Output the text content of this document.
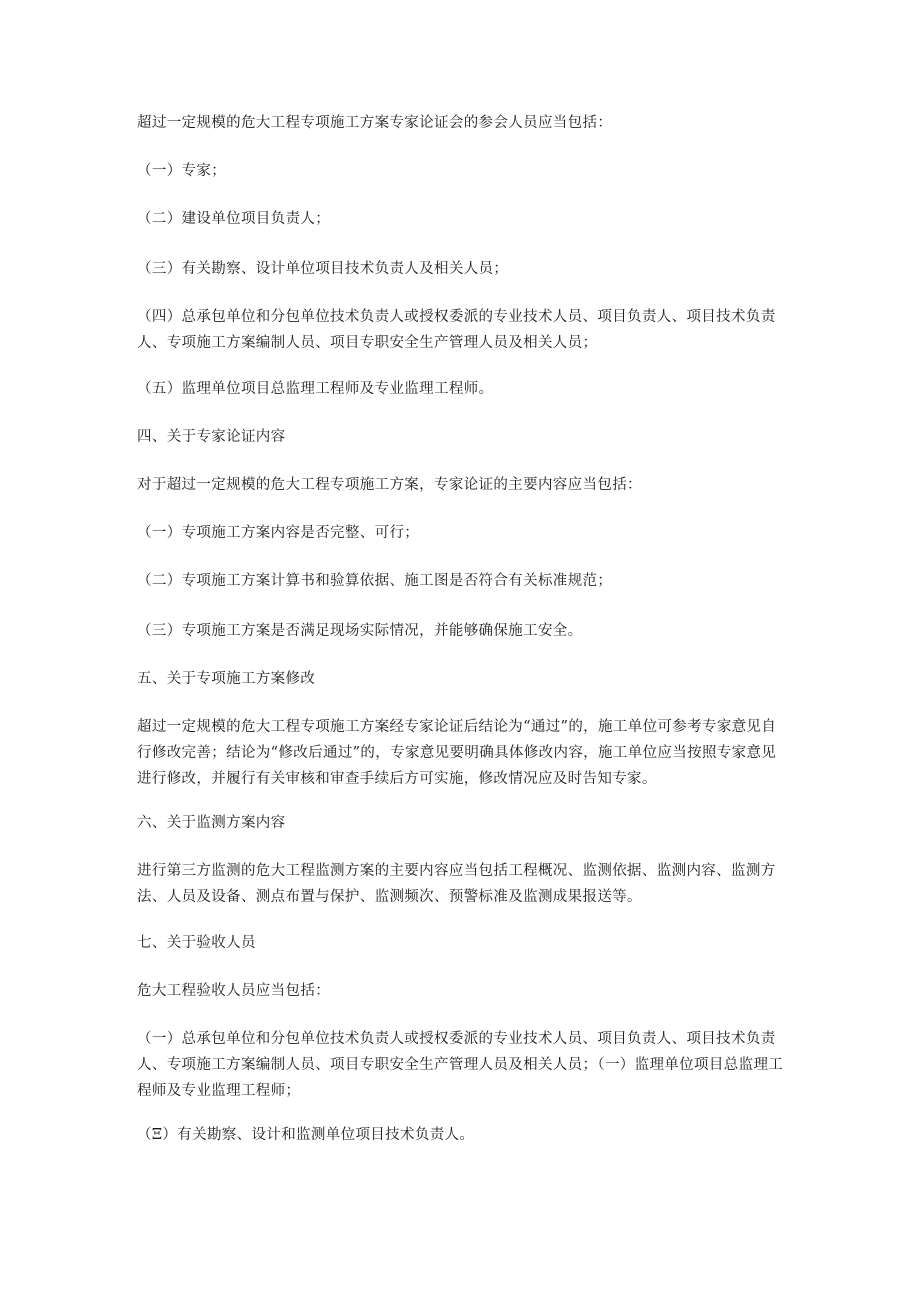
超过一定规模的危大工程专项施工方案专家论证会的参会人员应当包括：

（一）专家；

（二）建设单位项目负责人；

（三）有关勘察、设计单位项目技术负责人及相关人员；

（四）总承包单位和分包单位技术负责人或授权委派的专业技术人员、项目负责人、项目技术负责人、专项施工方案编制人员、项目专职安全生产管理人员及相关人员；

（五）监理单位项目总监理工程师及专业监理工程师。

四、关于专家论证内容

对于超过一定规模的危大工程专项施工方案，专家论证的主要内容应当包括：

（一）专项施工方案内容是否完整、可行；

（二）专项施工方案计算书和验算依据、施工图是否符合有关标准规范；

（三）专项施工方案是否满足现场实际情况，并能够确保施工安全。

五、关于专项施工方案修改

超过一定规模的危大工程专项施工方案经专家论证后结论为“通过”的，施工单位可参考专家意见自行修改完善；结论为“修改后通过”的，专家意见要明确具体修改内容，施工单位应当按照专家意见进行修改，并履行有关审核和审查手续后方可实施，修改情况应及时告知专家。

六、关于监测方案内容

进行第三方监测的危大工程监测方案的主要内容应当包括工程概况、监测依据、监测内容、监测方法、人员及设备、测点布置与保护、监测频次、预警标准及监测成果报送等。

七、关于验收人员

危大工程验收人员应当包括：

（一）总承包单位和分包单位技术负责人或授权委派的专业技术人员、项目负责人、项目技术负责人、专项施工方案编制人员、项目专职安全生产管理人员及相关人员；（一）监理单位项目总监理工程师及专业监理工程师；

（Ξ）有关勘察、设计和监测单位项目技术负责人。
